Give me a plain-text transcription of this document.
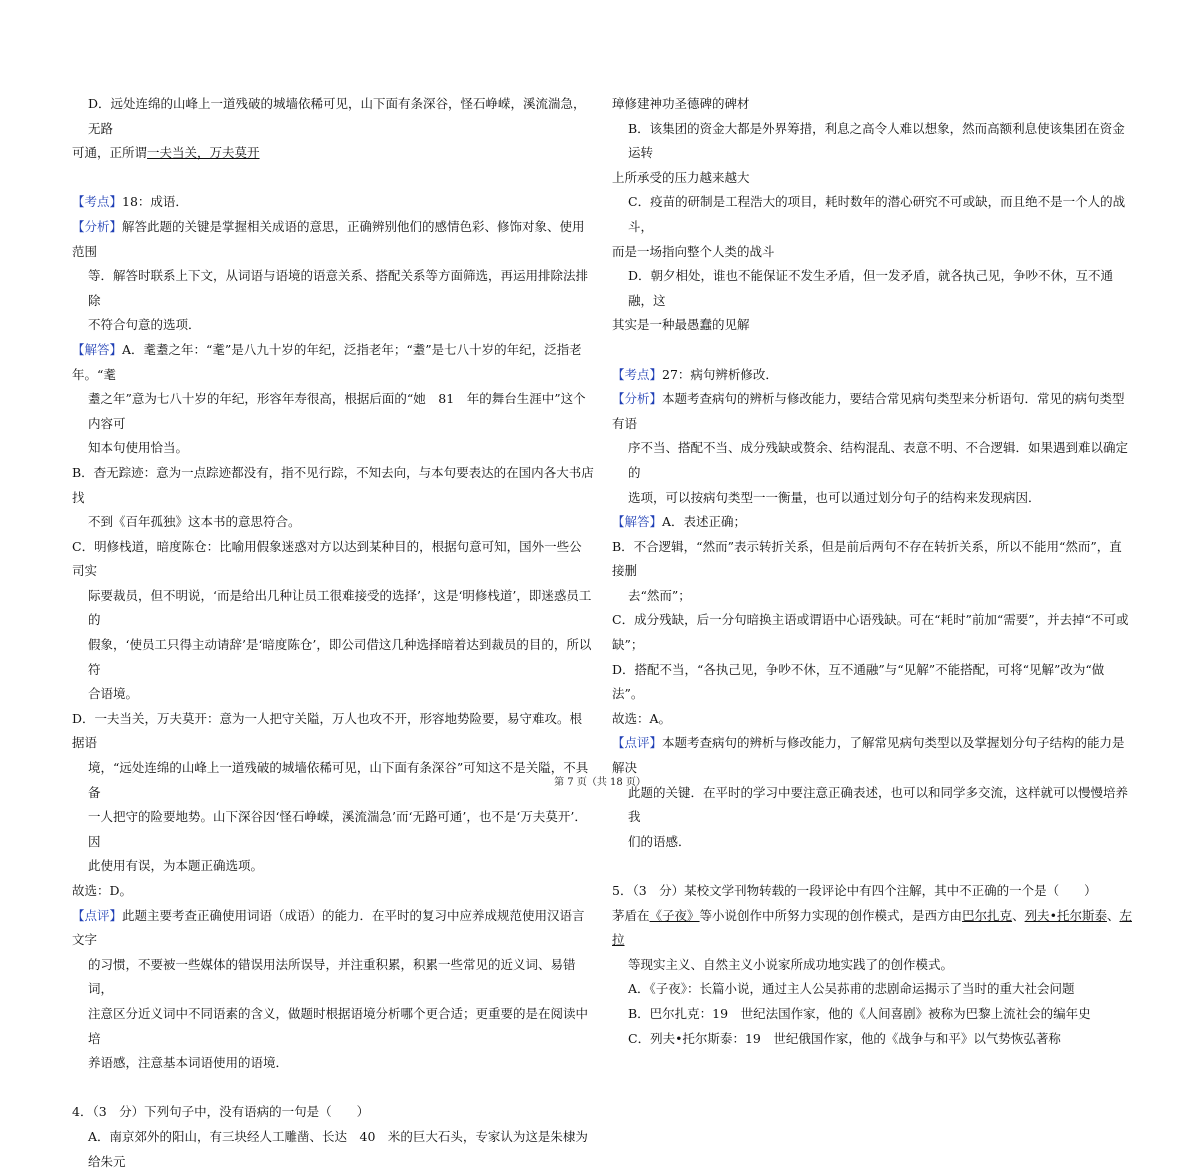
D．远处连绵的山峰上一道残破的城墙依稀可见，山下面有条深谷，怪石峥嵘，溪流湍急，无路

可通，正所谓一夫当关，万夫莫开

【考点】18：成语．

【分析】解答此题的关键是掌握相关成语的意思，正确辨别他们的感情色彩、修饰对象、使用范围

等．解答时联系上下文，从词语与语境的语意关系、搭配关系等方面筛选，再运用排除法排除

不符合句意的选项．

【解答】A．耄耋之年：“耄”是八九十岁的年纪，泛指老年；“耋”是七八十岁的年纪，泛指老年。“耄

耋之年”意为七八十岁的年纪，形容年寿很高，根据后面的“她　81　年的舞台生涯中”这个内容可

知本句使用恰当。

B．杳无踪迹：意为一点踪迹都没有，指不见行踪，不知去向，与本句要表达的在国内各大书店找

不到《百年孤独》这本书的意思符合。

C．明修栈道，暗度陈仓：比喻用假象迷惑对方以达到某种目的，根据句意可知，国外一些公司实

际要裁员，但不明说，‘而是给出几种让员工很难接受的选择’，这是‘明修栈道’，即迷惑员工的

假象，‘使员工只得主动请辞’是‘暗度陈仓’，即公司借这几种选择暗着达到裁员的目的，所以符

合语境。

D．一夫当关，万夫莫开：意为一人把守关隘，万人也攻不开，形容地势险要，易守难攻。根据语

境，“远处连绵的山峰上一道残破的城墙依稀可见，山下面有条深谷”可知这不是关隘，不具备

一人把守的险要地势。山下深谷因‘怪石峥嵘，溪流湍急’而‘无路可通’，也不是‘万夫莫开’．因

此使用有误，为本题正确选项。

故选：D。

【点评】此题主要考查正确使用词语（成语）的能力．在平时的复习中应养成规范使用汉语言文字

的习惯，不要被一些媒体的错误用法所误导，并注重积累，积累一些常见的近义词、易错词，

注意区分近义词中不同语素的含义，做题时根据语境分析哪个更合适；更重要的是在阅读中培

养语感，注意基本词语使用的语境．

4．（3　分）下列句子中，没有语病的一句是（　　）

A．南京郊外的阳山，有三块经人工雕凿、长达　40　米的巨大石头，专家认为这是朱棣为给朱元

璋修建神功圣德碑的碑材

B．该集团的资金大都是外界筹措，利息之高令人难以想象，然而高额利息使该集团在资金运转

上所承受的压力越来越大

C．疫苗的研制是工程浩大的项目，耗时数年的潜心研究不可或缺，而且绝不是一个人的战斗，

而是一场指向整个人类的战斗

D．朝夕相处，谁也不能保证不发生矛盾，但一发矛盾，就各执己见，争吵不休，互不通融，这

其实是一种最愚蠢的见解

【考点】27：病句辨析修改．

【分析】本题考查病句的辨析与修改能力，要结合常见病句类型来分析语句．常见的病句类型有语

序不当、搭配不当、成分残缺或赘余、结构混乱、表意不明、不合逻辑．如果遇到难以确定的

选项，可以按病句类型一一衡量，也可以通过划分句子的结构来发现病因．

【解答】A．表述正确；

B．不合逻辑，“然而”表示转折关系，但是前后两句不存在转折关系，所以不能用“然而”，直接删

去“然而”；

C．成分残缺，后一分句暗换主语或谓语中心语残缺。可在“耗时”前加“需要”，并去掉“不可或缺”；

D．搭配不当，“各执己见，争吵不休，互不通融”与“见解”不能搭配，可将“见解”改为“做法”。

故选：A。

【点评】本题考查病句的辨析与修改能力，了解常见病句类型以及掌握划分句子结构的能力是解决

此题的关键．在平时的学习中要注意正确表述，也可以和同学多交流，这样就可以慢慢培养我

们的语感．

5．（3　分）某校文学刊物转载的一段评论中有四个注解，其中不正确的一个是（　　）

茅盾在《子夜》等小说创作中所努力实现的创作模式，是西方由巴尔扎克、列夫•托尔斯泰、左拉

等现实主义、自然主义小说家所成功地实践了的创作模式。

A．《子夜》：长篇小说，通过主人公吴荪甫的悲剧命运揭示了当时的重大社会问题

B．巴尔扎克：19　世纪法国作家，他的《人间喜剧》被称为巴黎上流社会的编年史

C．列夫•托尔斯泰：19　世纪俄国作家，他的《战争与和平》以气势恢弘著称

第 7 页（共 18 页）
